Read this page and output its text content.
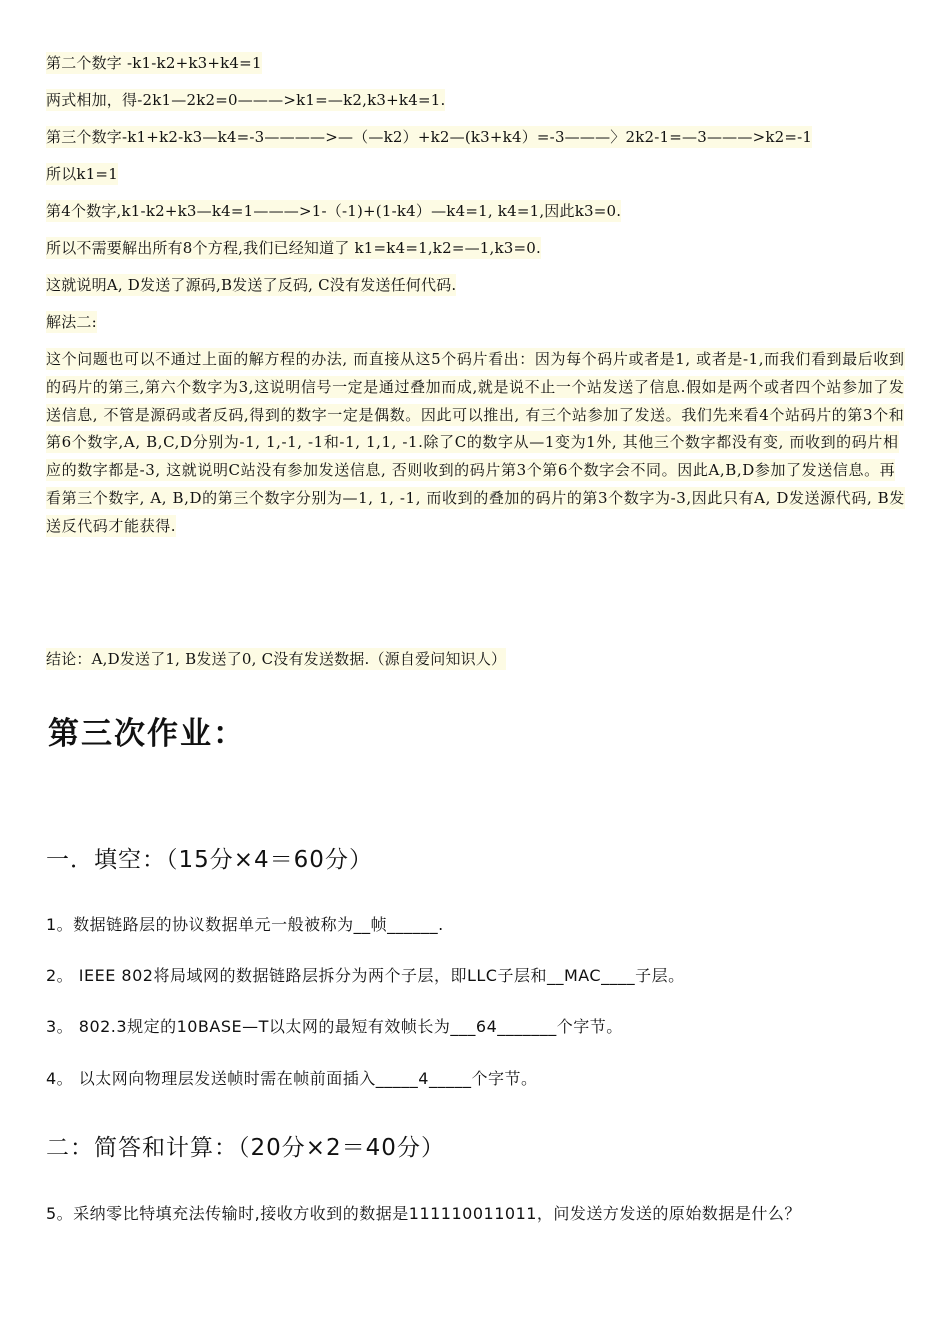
第二个数字 -k1-k2+k3+k4=1
两式相加，得-2k1—2k2=0———>k1=—k2,k3+k4=1.
第三个数字-k1+k2-k3—k4=-3————>—（—k2）+k2—(k3+k4）=-3———〉2k2-1=—3———>k2=-1
所以k1=1
第4个数字,k1-k2+k3—k4=1———>1-（-1)+(1-k4）—k4=1, k4=1,因此k3=0.
所以不需要解出所有8个方程,我们已经知道了 k1=k4=1,k2=—1,k3=0.
这就说明A, D发送了源码,B发送了反码, C没有发送任何代码.
解法二:
这个问题也可以不通过上面的解方程的办法, 而直接从这5个码片看出：因为每个码片或者是1, 或者是-1,而我们看到最后收到的码片的第三,第六个数字为3,这说明信号一定是通过叠加而成,就是说不止一个站发送了信息.假如是两个或者四个站参加了发送信息, 不管是源码或者反码,得到的数字一定是偶数。因此可以推出, 有三个站参加了发送。我们先来看4个站码片的第3个和第6个数字,A, B,C,D分别为-1, 1,-1, -1和-1, 1,1, -1.除了C的数字从—1变为1外, 其他三个数字都没有变, 而收到的码片相应的数字都是-3, 这就说明C站没有参加发送信息, 否则收到的码片第3个第6个数字会不同。因此A,B,D参加了发送信息。再看第三个数字, A, B,D的第三个数字分别为—1, 1, -1, 而收到的叠加的码片的第3个数字为-3,因此只有A, D发送源代码, B发送反代码才能获得.
结论：A,D发送了1, B发送了0, C没有发送数据.（源自爱问知识人）
第三次作业：
一．填空：（15分×4＝60分）
1。数据链路层的协议数据单元一般被称为__帧______.
2。 IEEE 802将局域网的数据链路层拆分为两个子层，即LLC子层和__MAC____子层。
3。 802.3规定的10BASE—T以太网的最短有效帧长为___64_______个字节。
4。 以太网向物理层发送帧时需在帧前面插入_____4_____个字节。
二：简答和计算：（20分×2＝40分）
5。采纳零比特填充法传输时,接收方收到的数据是111110011011，问发送方发送的原始数据是什么？
